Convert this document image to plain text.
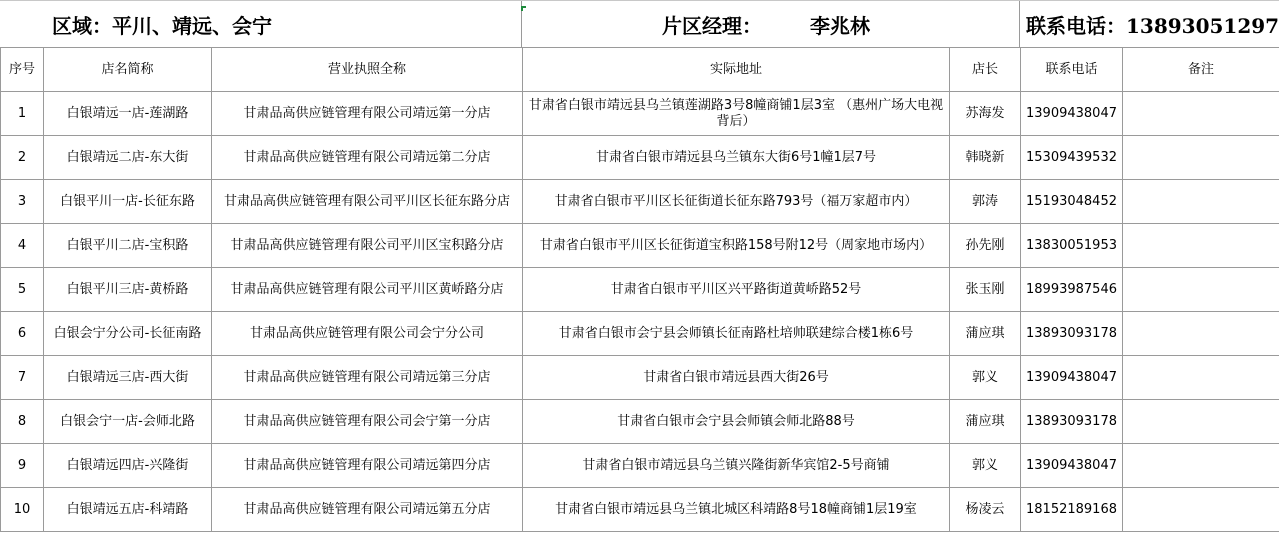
区域：平川、靖远、会宁	片区经理： 李兆林	联系电话：13893051297
序号	店名简称	营业执照全称	实际地址	店长	联系电话	备注
1	白银靖远一店-莲湖路	甘肃品高供应链管理有限公司靖远第一分店	甘肃省白银市靖远县乌兰镇莲湖路3号8幢商铺1层3室 （惠州广场大电视背后）	苏海发	13909438047	
2	白银靖远二店-东大街	甘肃品高供应链管理有限公司靖远第二分店	甘肃省白银市靖远县乌兰镇东大街6号1幢1层7号	韩晓新	15309439532	
3	白银平川一店-长征东路	甘肃品高供应链管理有限公司平川区长征东路分店	甘肃省白银市平川区长征街道长征东路793号（福万家超市内）	郭涛	15193048452	
4	白银平川二店-宝积路	甘肃品高供应链管理有限公司平川区宝积路分店	甘肃省白银市平川区长征街道宝积路158号附12号（周家地市场内）	孙先刚	13830051953	
5	白银平川三店-黄桥路	甘肃品高供应链管理有限公司平川区黄峤路分店	甘肃省白银市平川区兴平路街道黄峤路52号	张玉刚	18993987546	
6	白银会宁分公司-长征南路	甘肃品高供应链管理有限公司会宁分公司	甘肃省白银市会宁县会师镇长征南路杜培帅联建综合楼1栋6号	蒲应琪	13893093178	
7	白银靖远三店-西大街	甘肃品高供应链管理有限公司靖远第三分店	甘肃省白银市靖远县西大街26号	郭义	13909438047	
8	白银会宁一店-会师北路	甘肃品高供应链管理有限公司会宁第一分店	甘肃省白银市会宁县会师镇会师北路88号	蒲应琪	13893093178	
9	白银靖远四店-兴隆街	甘肃品高供应链管理有限公司靖远第四分店	甘肃省白银市靖远县乌兰镇兴隆街新华宾馆2-5号商铺	郭义	13909438047	
10	白银靖远五店-科靖路	甘肃品高供应链管理有限公司靖远第五分店	甘肃省白银市靖远县乌兰镇北城区科靖路8号18幢商铺1层19室	杨凌云	18152189168	
